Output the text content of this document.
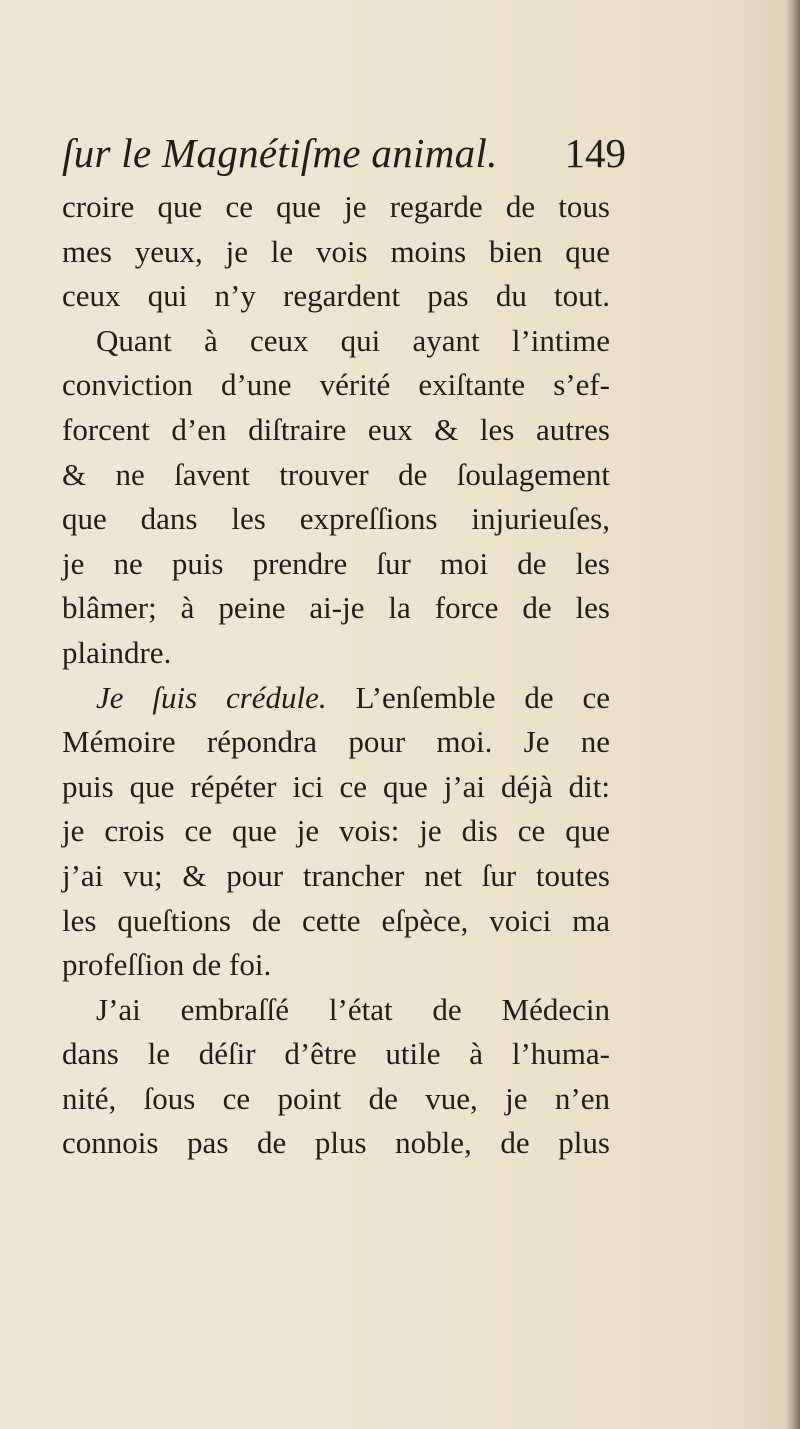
ſur le Magnétiſme animal. 149
croire que ce que je regarde de tous
mes yeux, je le vois moins bien que
ceux qui n’y regardent pas du tout.
Quant à ceux qui ayant l’intime
conviction d’une vérité exiſtante s’ef-
forcent d’en diſtraire eux & les autres
& ne ſavent trouver de ſoulagement
que dans les expreſſions injurieuſes,
je ne puis prendre ſur moi de les
blâmer; à peine ai-je la force de les
plaindre.
Je ſuis crédule. L’enſemble de ce
Mémoire répondra pour moi. Je ne
puis que répéter ici ce que j’ai déjà dit:
je crois ce que je vois: je dis ce que
j’ai vu; & pour trancher net ſur toutes
les queſtions de cette eſpèce, voici ma
profeſſion de foi.
J’ai embraſſé l’état de Médecin
dans le déſir d’être utile à l’huma-
nité, ſous ce point de vue, je n’en
connois pas de plus noble, de plus
